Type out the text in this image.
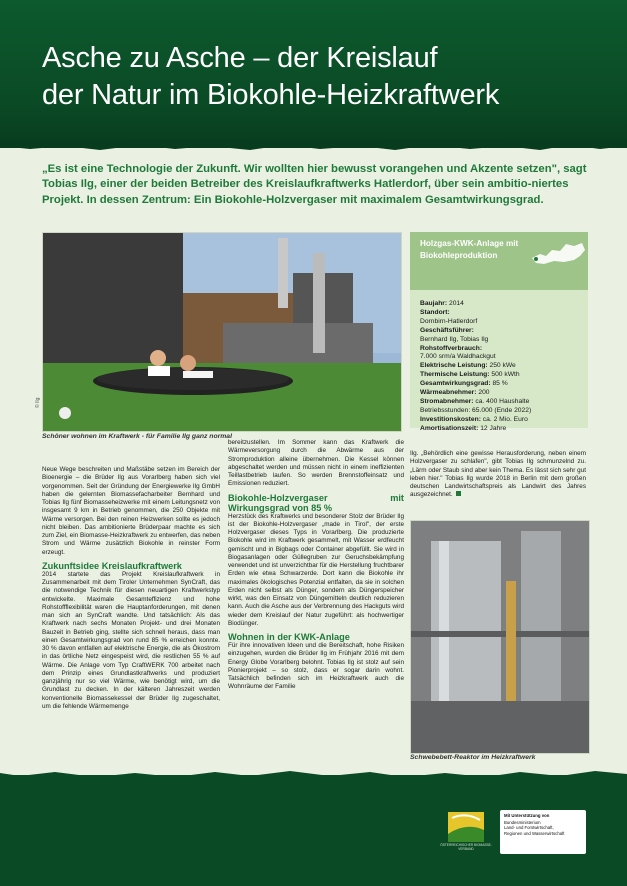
Asche zu Asche – der Kreislauf
der Natur im Biokohle-Heizkraftwerk
„Es ist eine Technologie der Zukunft. Wir wollten hier bewusst vorangehen und Akzente setzen", sagt Tobias Ilg, einer der beiden Betreiber des Kreislaufkraftwerks Hatlerdorf, über sein ambitio-niertes Projekt. In dessen Zentrum: Ein Biokohle-Holzvergaser mit maximalem Gesamtwirkungsgrad.
© Ilg
Schöner wohnen im Kraftwerk - für Familie Ilg ganz normal
Holzgas-KWK-Anlage mit Biokohleproduktion
Baujahr: 2014
Standort:
Dornbirn-Hatlerdorf
Geschäftsführer:
Bernhard Ilg, Tobias Ilg
Rohstoffverbrauch:
7.000 srm/a Waldhackgut
Elektrische Leistung: 250 kWe
Thermische Leistung: 500 kWth
Gesamtwirkungsgrad: 85 %
Wärmeabnehmer: 200
Stromabnehmer: ca. 400 Haushalte
Betriebsstunden: 65.000 (Ende 2022)
Investitionskosten: ca. 2 Mio. Euro
Amortisationszeit: 12 Jahre

Neue Wege beschreiten und Maßstäbe setzen im Bereich der Bioenergie – die Brüder Ilg aus Vorarlberg haben sich viel vorgenommen. Seit der Gründung der Energiewerke Ilg GmbH haben die gelernten Biomassefacharbeiter Bernhard und Tobias Ilg fünf Biomasseheizwerke mit einem Leitungsnetz von insgesamt 9 km in Betrieb genommen, die 250 Objekte mit Wärme versorgen. Bei den reinen Heizwerken sollte es jedoch nicht bleiben. Das ambitionierte Brüderpaar machte es sich zum Ziel, ein Biomasse-Heizkraftwerk zu entwerfen, das neben Strom und Wärme zusätzlich Biokohle in reinster Form erzeugt.

Zukunftsidee Kreislaufkraftwerk

2014 startete das Projekt Kreislaufkraftwerk in Zusammenarbeit mit dem Tiroler Unternehmen SynCraft, das die notwendige Technik für diesen neuartigen Kraftwerkstyp entwickelte. Maximale Gesamteffizienz und hohe Rohstoffflexibilität waren die Hauptanforderungen, mit denen man sich an SynCraft wandte. Und tatsächlich: Als das Kraftwerk nach sechs Monaten Projekt- und drei Monaten Bauzeit in Betrieb ging, stellte sich schnell heraus, dass man einen Gesamtwirkungsgrad von rund 85 % erreichen konnte. 30 % davon entfallen auf elektrische Energie, die als Ökostrom in das örtliche Netz eingespeist wird, die restlichen 55 % auf Wärme. Die Anlage vom Typ CraftWERK 700 arbeitet nach dem Prinzip eines Grundlastkraftwerks und produziert ganzjährig nur so viel Wärme, wie benötigt wird, um die Grundlast zu decken. In der kälteren Jahreszeit werden konventionelle Biomassekessel der Brüder Ilg zugeschaltet, um die fehlende Wärmemenge

bereitzustellen. Im Sommer kann das Kraftwerk die Wärmeversorgung durch die Abwärme aus der Stromproduktion alleine übernehmen. Die Kessel können abgeschaltet werden und müssen nicht in einem ineffizienten Teillastbetrieb laufen. So werden Brennstoffeinsatz und Emissionen reduziert.

Biokohle-Holzvergaser mit Wirkungsgrad von 85 %

Herzstück des Kraftwerks und besonderer Stolz der Brüder Ilg ist der Biokohle-Holzvergaser „made in Tirol", der erste Holzvergaser dieses Typs in Vorarlberg. Die produzierte Biokohle wird im Kraftwerk gesammelt, mit Wasser erdfeucht gemischt und in Bigbags oder Container abgefüllt. Sie wird in Biogasanlagen oder Güllegruben zur Geruchsbekämpfung verwendet und ist unverzichtbar für die Herstellung fruchtbarer Erden wie etwa Schwarzerde. Dort kann die Biokohle ihr maximales ökologisches Potenzial entfalten, da sie in solchen Erden nicht selbst als Dünger, sondern als Düngerspeicher wirkt, was den Einsatz von Düngemitteln deutlich reduzieren kann. Auch die Asche aus der Verbrennung des Hackguts wird wieder dem Kreislauf der Natur zugeführt: als hochwertiger Biodünger.

Wohnen in der KWK-Anlage

Für ihre innovativen Ideen und die Bereitschaft, hohe Risiken einzugehen, wurden die Brüder Ilg im Frühjahr 2016 mit dem Energy Globe Vorarlberg belohnt. Tobias Ilg ist stolz auf sein Pionierprojekt – so stolz, dass er sogar darin wohnt. Tatsächlich befinden sich im Heizkraftwerk auch die Wohnräume der Familie

Ilg. „Behördlich eine gewisse Herausforderung, neben einem Holzvergaser zu schlafen", gibt Tobias Ilg schmunzelnd zu. „Lärm oder Staub sind aber kein Thema. Es lässt sich sehr gut leben hier." Tobias Ilg wurde 2018 in Berlin mit dem großen deutschen Landwirtschaftspreis als Landwirt des Jahres ausgezeichnet.

Schwebebett-Reaktor im Heizkraftwerk
ÖSTERREICHISCHER BIOMASSE-VERBAND
Mit Unterstützung von
Bundesministerium
Land- und Forstwirtschaft,
Regionen und Wasserwirtschaft
